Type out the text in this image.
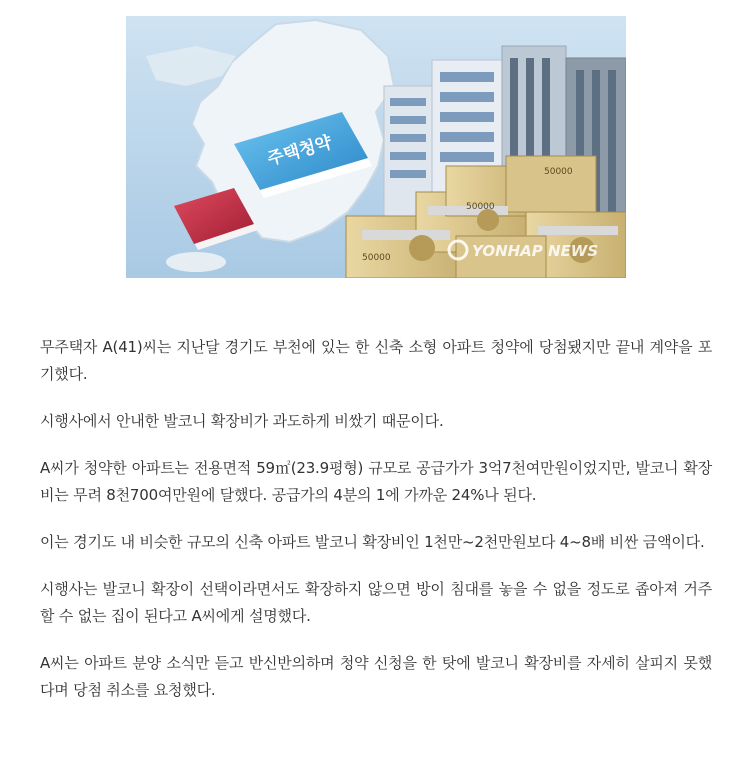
주택청약
50000
50000
50000	YONHAP NEWS

무주택자 A(41)씨는 지난달 경기도 부천에 있는 한 신축 소형 아파트 청약에 당첨됐지만 끝내 계약을 포기했다.

시행사에서 안내한 발코니 확장비가 과도하게 비쌌기 때문이다.

A씨가 청약한 아파트는 전용면적 59㎡(23.9평형) 규모로 공급가가 3억7천여만원이었지만, 발코니 확장비는 무려 8천700여만원에 달했다. 공급가의 4분의 1에 가까운 24%나 된다.

이는 경기도 내 비슷한 규모의 신축 아파트 발코니 확장비인 1천만~2천만원보다 4~8배 비싼 금액이다.

시행사는 발코니 확장이 선택이라면서도 확장하지 않으면 방이 침대를 놓을 수 없을 정도로 좁아져 거주할 수 없는 집이 된다고 A씨에게 설명했다.

A씨는 아파트 분양 소식만 듣고 반신반의하며 청약 신청을 한 탓에 발코니 확장비를 자세히 살피지 못했다며 당첨 취소를 요청했다.
